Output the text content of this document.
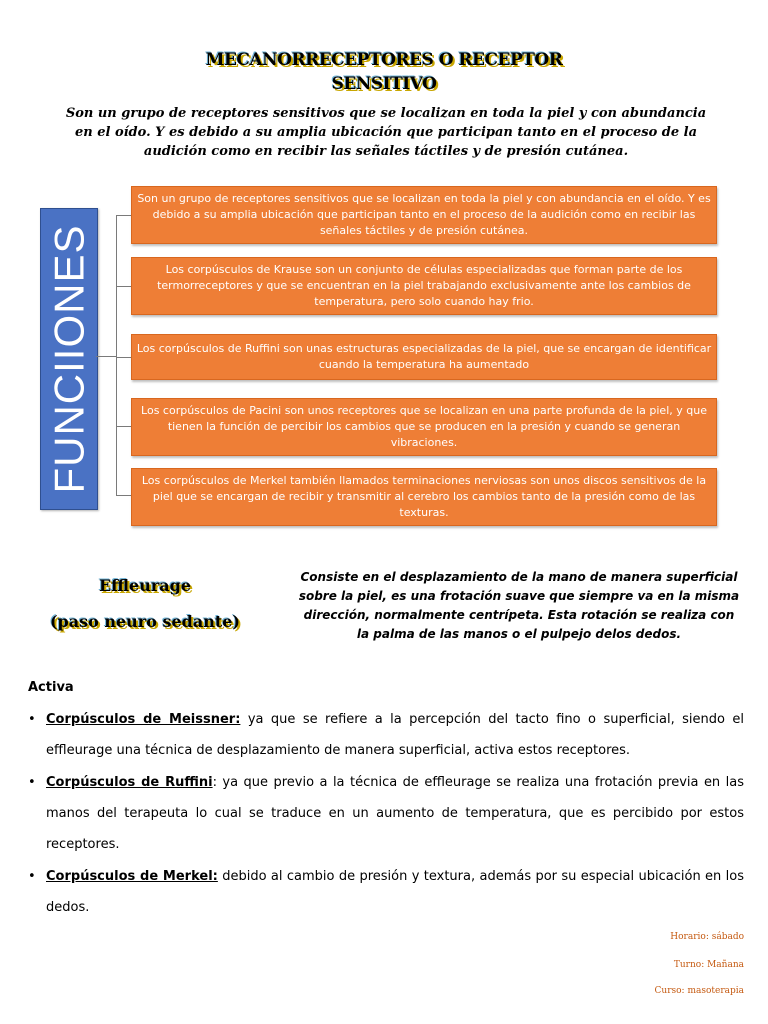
MECANORRECEPTORES O RECEPTOR
SENSITIVO
Son un grupo de receptores sensitivos que se localizan en toda la piel y con abundancia en el oído. Y es debido a su amplia ubicación que participan tanto en el proceso de la audición como en recibir las señales táctiles y de presión cutánea.
FUNCIIONES
Son un grupo de receptores sensitivos que se localizan en toda la piel y con abundancia en el oído. Y es debido a su amplia ubicación que participan tanto en el proceso de la audición como en recibir las señales táctiles y de presión cutánea.
Los corpúsculos de Krause son un conjunto de células especializadas que forman parte de los termorreceptores y que se encuentran en la piel trabajando exclusivamente ante los cambios de temperatura, pero solo cuando hay frio.
Los corpúsculos de Ruffini son unas estructuras especializadas de la piel, que se encargan de identificar cuando la temperatura ha aumentado
Los corpúsculos de Pacini son unos receptores que se localizan en una parte profunda de la piel, y que tienen la función de percibir los cambios que se producen en la presión y cuando se generan vibraciones.
Los corpúsculos de Merkel también llamados terminaciones nerviosas son unos discos sensitivos de la piel que se encargan de recibir y transmitir al cerebro los cambios tanto de la presión como de las texturas.
Effleurage
(paso neuro sedante)
Consiste en el desplazamiento de la mano de manera superficial sobre la piel, es una frotación suave que siempre va en la misma dirección, normalmente centrípeta. Esta rotación se realiza con la palma de las manos o el pulpejo delos dedos.
Activa
• Corpúsculos de Meissner: ya que se refiere a la percepción del tacto fino o superficial, siendo el effleurage una técnica de desplazamiento de manera superficial, activa estos receptores.
• Corpúsculos de Ruffini: ya que previo a la técnica de effleurage se realiza una frotación previa en las manos del terapeuta lo cual se traduce en un aumento de temperatura, que es percibido por estos receptores.
• Corpúsculos de Merkel: debido al cambio de presión y textura, además por su especial ubicación en los dedos.
Horario: sábado
Turno: Mañana
Curso: masoterapia
